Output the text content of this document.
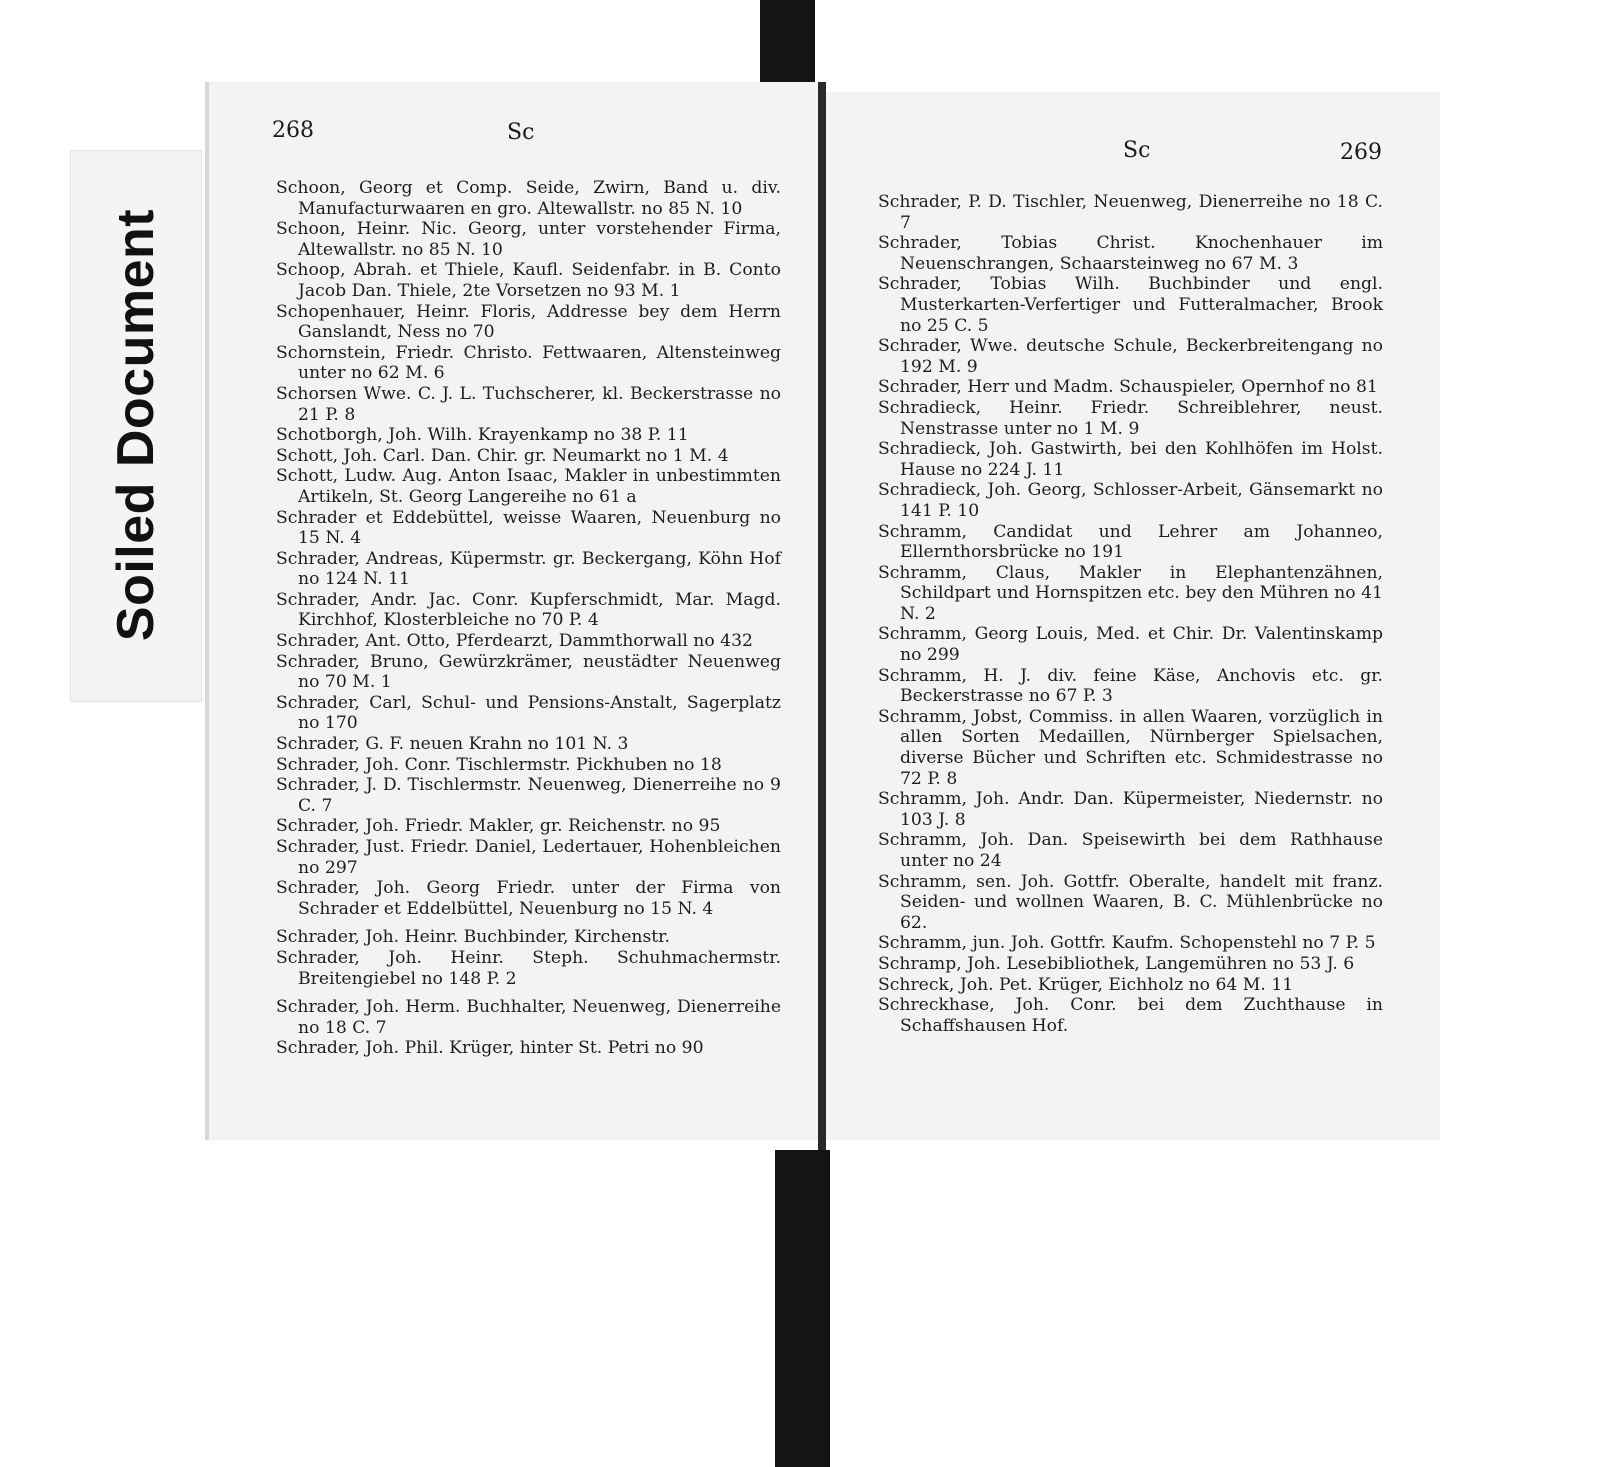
Soiled Document
268	Sc
Sc	269

Schoon, Georg et Comp. Seide, Zwirn, Band u. div. Manufacturwaaren en gro. Altewallstr. no 85 N. 10

Schoon, Heinr. Nic. Georg, unter vorstehender Firma, Altewallstr. no 85 N. 10

Schoop, Abrah. et Thiele, Kaufl. Seidenfabr. in B. Conto Jacob Dan. Thiele, 2te Vorsetzen no 93 M. 1

Schopenhauer, Heinr. Floris, Addresse bey dem Herrn Ganslandt, Ness no 70

Schornstein, Friedr. Christo. Fettwaaren, Altensteinweg unter no 62 M. 6

Schorsen Wwe. C. J. L. Tuchscherer, kl. Beckerstrasse no 21 P. 8

Schotborgh, Joh. Wilh. Krayenkamp no 38 P. 11

Schott, Joh. Carl. Dan. Chir. gr. Neumarkt no 1 M. 4

Schott, Ludw. Aug. Anton Isaac, Makler in unbestimmten Artikeln, St. Georg Langereihe no 61 a

Schrader et Eddebüttel, weisse Waaren, Neuenburg no 15 N. 4

Schrader, Andreas, Küpermstr. gr. Beckergang, Köhn Hof no 124 N. 11

Schrader, Andr. Jac. Conr. Kupferschmidt, Mar. Magd. Kirchhof, Klosterbleiche no 70 P. 4

Schrader, Ant. Otto, Pferdearzt, Dammthorwall no 432

Schrader, Bruno, Gewürzkrämer, neustädter Neuenweg no 70 M. 1

Schrader, Carl, Schul- und Pensions-Anstalt, Sagerplatz no 170

Schrader, G. F. neuen Krahn no 101 N. 3

Schrader, Joh. Conr. Tischlermstr. Pickhuben no 18

Schrader, J. D. Tischlermstr. Neuenweg, Dienerreihe no 9 C. 7

Schrader, Joh. Friedr. Makler, gr. Reichenstr. no 95

Schrader, Just. Friedr. Daniel, Ledertauer, Hohenbleichen no 297

Schrader, Joh. Georg Friedr. unter der Firma von Schrader et Eddelbüttel, Neuenburg no 15 N. 4

Schrader, Joh. Heinr. Buchbinder, Kirchenstr.

Schrader, Joh. Heinr. Steph. Schuhmachermstr. Breitengiebel no 148 P. 2

Schrader, Joh. Herm. Buchhalter, Neuenweg, Dienerreihe no 18 C. 7

Schrader, Joh. Phil. Krüger, hinter St. Petri no 90

Schrader, P. D. Tischler, Neuenweg, Dienerreihe no 18 C. 7

Schrader, Tobias Christ. Knochenhauer im Neuenschrangen, Schaarsteinweg no 67 M. 3

Schrader, Tobias Wilh. Buchbinder und engl. Musterkarten-Verfertiger und Futteralmacher, Brook no 25 C. 5

Schrader, Wwe. deutsche Schule, Beckerbreitengang no 192 M. 9

Schrader, Herr und Madm. Schauspieler, Opernhof no 81

Schradieck, Heinr. Friedr. Schreiblehrer, neust. Nenstrasse unter no 1 M. 9

Schradieck, Joh. Gastwirth, bei den Kohlhöfen im Holst. Hause no 224 J. 11

Schradieck, Joh. Georg, Schlosser-Arbeit, Gänsemarkt no 141 P. 10

Schramm, Candidat und Lehrer am Johanneo, Ellernthorsbrücke no 191

Schramm, Claus, Makler in Elephantenzähnen, Schildpart und Hornspitzen etc. bey den Mühren no 41 N. 2

Schramm, Georg Louis, Med. et Chir. Dr. Valentinskamp no 299

Schramm, H. J. div. feine Käse, Anchovis etc. gr. Beckerstrasse no 67 P. 3

Schramm, Jobst, Commiss. in allen Waaren, vorzüglich in allen Sorten Medaillen, Nürnberger Spielsachen, diverse Bücher und Schriften etc. Schmidestrasse no 72 P. 8

Schramm, Joh. Andr. Dan. Küpermeister, Niedernstr. no 103 J. 8

Schramm, Joh. Dan. Speisewirth bei dem Rathhause unter no 24

Schramm, sen. Joh. Gottfr. Oberalte, handelt mit franz. Seiden- und wollnen Waaren, B. C. Mühlenbrücke no 62.

Schramm, jun. Joh. Gottfr. Kaufm. Schopenstehl no 7 P. 5

Schramp, Joh. Lesebibliothek, Langemühren no 53 J. 6

Schreck, Joh. Pet. Krüger, Eichholz no 64 M. 11

Schreckhase, Joh. Conr. bei dem Zuchthause in Schaffshausen Hof.
